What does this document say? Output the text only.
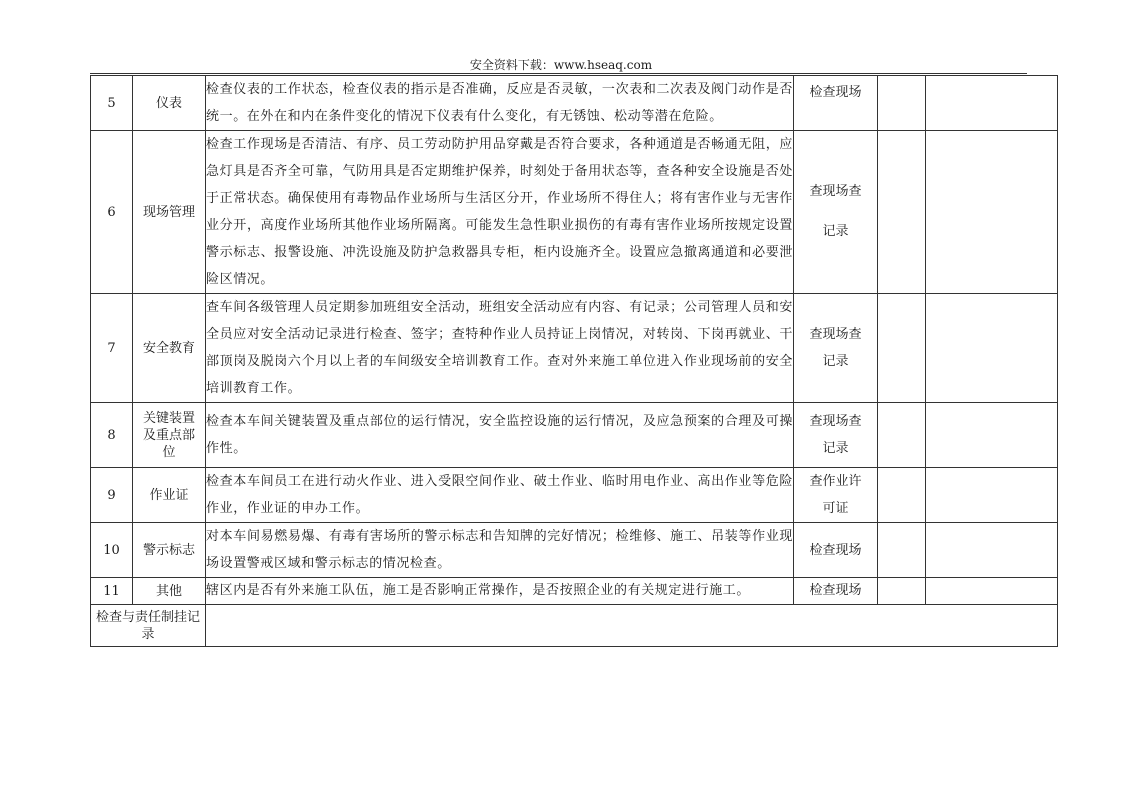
安全资料下载：www.hseaq.com
5	仪表	检查仪表的工作状态，检查仪表的指示是否准确，反应是否灵敏，一次表和二次表及阀门动作是否统一。在外在和内在条件变化的情况下仪表有什么变化，有无锈蚀、松动等潜在危险。	检查现场		
6	现场管理	检查工作现场是否清洁、有序、员工劳动防护用品穿戴是否符合要求，各种通道是否畅通无阻，应急灯具是否齐全可靠，气防用具是否定期维护保养，时刻处于备用状态等，查各种安全设施是否处于正常状态。确保使用有毒物品作业场所与生活区分开，作业场所不得住人；将有害作业与无害作业分开，高度作业场所其他作业场所隔离。可能发生急性职业损伤的有毒有害作业场所按规定设置警示标志、报警设施、冲洗设施及防护急救器具专柜，柜内设施齐全。设置应急撤离通道和必要泄险区情况。	查现场查记录		
7	安全教育	查车间各级管理人员定期参加班组安全活动，班组安全活动应有内容、有记录；公司管理人员和安全员应对安全活动记录进行检查、签字；查特种作业人员持证上岗情况，对转岗、下岗再就业、干部顶岗及脱岗六个月以上者的车间级安全培训教育工作。查对外来施工单位进入作业现场前的安全培训教育工作。	查现场查记录		
8	关键装置及重点部位	检查本车间关键装置及重点部位的运行情况，安全监控设施的运行情况，及应急预案的合理及可操作性。	查现场查记录		
9	作业证	检查本车间员工在进行动火作业、进入受限空间作业、破土作业、临时用电作业、高出作业等危险作业，作业证的申办工作。	查作业许可证		
10	警示标志	对本车间易燃易爆、有毒有害场所的警示标志和告知牌的完好情况；检维修、施工、吊装等作业现场设置警戒区域和警示标志的情况检查。	检查现场		
11	其他	辖区内是否有外来施工队伍，施工是否影响正常操作，是否按照企业的有关规定进行施工。	检查现场		
检查与责任制挂记录					
